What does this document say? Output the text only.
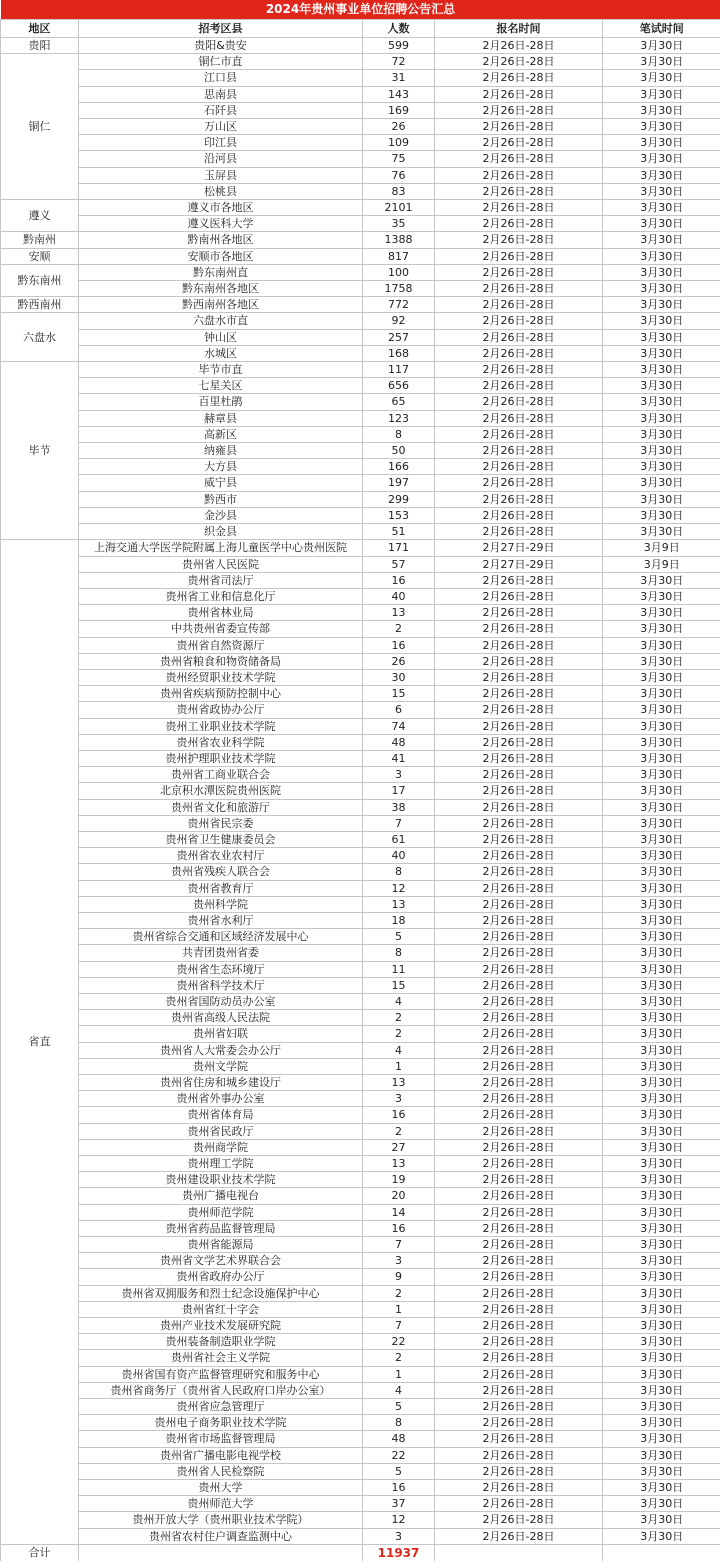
2024年贵州事业单位招聘公告汇总				
地区	招考区县	人数	报名时间	笔试时间
贵阳	贵阳&贵安	599	2月26日-28日	3月30日
铜仁	铜仁市直	72	2月26日-28日	3月30日
	江口县	31	2月26日-28日	3月30日
	思南县	143	2月26日-28日	3月30日
	石阡县	169	2月26日-28日	3月30日
	万山区	26	2月26日-28日	3月30日
	印江县	109	2月26日-28日	3月30日
	沿河县	75	2月26日-28日	3月30日
	玉屏县	76	2月26日-28日	3月30日
	松桃县	83	2月26日-28日	3月30日
遵义	遵义市各地区	2101	2月26日-28日	3月30日
	遵义医科大学	35	2月26日-28日	3月30日
黔南州	黔南州各地区	1388	2月26日-28日	3月30日
安顺	安顺市各地区	817	2月26日-28日	3月30日
黔东南州	黔东南州直	100	2月26日-28日	3月30日
	黔东南州各地区	1758	2月26日-28日	3月30日
黔西南州	黔西南州各地区	772	2月26日-28日	3月30日
六盘水	六盘水市直	92	2月26日-28日	3月30日
	钟山区	257	2月26日-28日	3月30日
	水城区	168	2月26日-28日	3月30日
毕节	毕节市直	117	2月26日-28日	3月30日
	七星关区	656	2月26日-28日	3月30日
	百里杜鹃	65	2月26日-28日	3月30日
	赫章县	123	2月26日-28日	3月30日
	高新区	8	2月26日-28日	3月30日
	纳雍县	50	2月26日-28日	3月30日
	大方县	166	2月26日-28日	3月30日
	威宁县	197	2月26日-28日	3月30日
	黔西市	299	2月26日-28日	3月30日
	金沙县	153	2月26日-28日	3月30日
	织金县	51	2月26日-28日	3月30日
省直	上海交通大学医学院附属上海儿童医学中心贵州医院	171	2月27日-29日	3月9日
	贵州省人民医院	57	2月27日-29日	3月9日
	贵州省司法厅	16	2月26日-28日	3月30日
	贵州省工业和信息化厅	40	2月26日-28日	3月30日
	贵州省林业局	13	2月26日-28日	3月30日
	中共贵州省委宣传部	2	2月26日-28日	3月30日
	贵州省自然资源厅	16	2月26日-28日	3月30日
	贵州省粮食和物资储备局	26	2月26日-28日	3月30日
	贵州经贸职业技术学院	30	2月26日-28日	3月30日
	贵州省疾病预防控制中心	15	2月26日-28日	3月30日
	贵州省政协办公厅	6	2月26日-28日	3月30日
	贵州工业职业技术学院	74	2月26日-28日	3月30日
	贵州省农业科学院	48	2月26日-28日	3月30日
	贵州护理职业技术学院	41	2月26日-28日	3月30日
	贵州省工商业联合会	3	2月26日-28日	3月30日
	北京积水潭医院贵州医院	17	2月26日-28日	3月30日
	贵州省文化和旅游厅	38	2月26日-28日	3月30日
	贵州省民宗委	7	2月26日-28日	3月30日
	贵州省卫生健康委员会	61	2月26日-28日	3月30日
	贵州省农业农村厅	40	2月26日-28日	3月30日
	贵州省残疾人联合会	8	2月26日-28日	3月30日
	贵州省教育厅	12	2月26日-28日	3月30日
	贵州科学院	13	2月26日-28日	3月30日
	贵州省水利厅	18	2月26日-28日	3月30日
	贵州省综合交通和区域经济发展中心	5	2月26日-28日	3月30日
	共青团贵州省委	8	2月26日-28日	3月30日
	贵州省生态环境厅	11	2月26日-28日	3月30日
	贵州省科学技术厅	15	2月26日-28日	3月30日
	贵州省国防动员办公室	4	2月26日-28日	3月30日
	贵州省高级人民法院	2	2月26日-28日	3月30日
	贵州省妇联	2	2月26日-28日	3月30日
	贵州省人大常委会办公厅	4	2月26日-28日	3月30日
	贵州文学院	1	2月26日-28日	3月30日
	贵州省住房和城乡建设厅	13	2月26日-28日	3月30日
	贵州省外事办公室	3	2月26日-28日	3月30日
	贵州省体育局	16	2月26日-28日	3月30日
	贵州省民政厅	2	2月26日-28日	3月30日
	贵州商学院	27	2月26日-28日	3月30日
	贵州理工学院	13	2月26日-28日	3月30日
	贵州建设职业技术学院	19	2月26日-28日	3月30日
	贵州广播电视台	20	2月26日-28日	3月30日
	贵州师范学院	14	2月26日-28日	3月30日
	贵州省药品监督管理局	16	2月26日-28日	3月30日
	贵州省能源局	7	2月26日-28日	3月30日
	贵州省文学艺术界联合会	3	2月26日-28日	3月30日
	贵州省政府办公厅	9	2月26日-28日	3月30日
	贵州省双拥服务和烈士纪念设施保护中心	2	2月26日-28日	3月30日
	贵州省红十字会	1	2月26日-28日	3月30日
	贵州产业技术发展研究院	7	2月26日-28日	3月30日
	贵州装备制造职业学院	22	2月26日-28日	3月30日
	贵州省社会主义学院	2	2月26日-28日	3月30日
	贵州省国有资产监督管理研究和服务中心	1	2月26日-28日	3月30日
	贵州省商务厅（贵州省人民政府口岸办公室）	4	2月26日-28日	3月30日
	贵州省应急管理厅	5	2月26日-28日	3月30日
	贵州电子商务职业技术学院	8	2月26日-28日	3月30日
	贵州省市场监督管理局	48	2月26日-28日	3月30日
	贵州省广播电影电视学校	22	2月26日-28日	3月30日
	贵州省人民检察院	5	2月26日-28日	3月30日
	贵州大学	16	2月26日-28日	3月30日
	贵州师范大学	37	2月26日-28日	3月30日
	贵州开放大学（贵州职业技术学院）	12	2月26日-28日	3月30日
	贵州省农村住户调查监测中心	3	2月26日-28日	3月30日
合计		11937		
